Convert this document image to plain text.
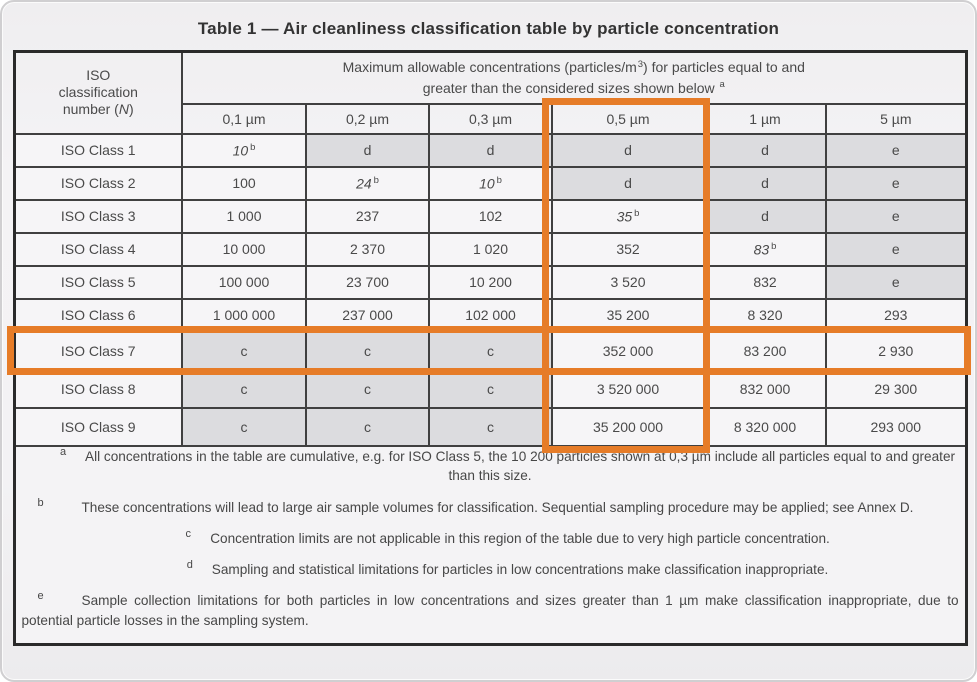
Table 1 — Air cleanliness classification table by particle concentration
ISO
classification
number (N)

Maximum allowable concentrations $(particles/m^3)$ for particles equal to and
greater than the considered sizes shown below $^a$

	0,1 µm	0,2 µm	0,3 µm	0,5 µm	1 µm	5 µm
ISO Class 1	10 $^b$	d	d	d	d	e
ISO Class 2	100	24 $^b$	10 $^b$	d	d	e
ISO Class 3	1 000	237	102	35 $^b$	d	e
ISO Class 4	10 000	2 370	1 020	352	83 $^b$	e
ISO Class 5	100 000	23 700	10 200	3 520	832	e
ISO Class 6	1 000 000	237 000	102 000	35 200	8 320	293
ISO Class 7	c	c	c	352 000	83 200	2 930
ISO Class 8	c	c	c	3 520 000	832 000	29 300
ISO Class 9	c	c	c	35 200 000	8 320 000	293 000

a All concentrations in the table are cumulative, e.g. for ISO Class 5, the 10 200 particles shown at 0,3 µm include all particles equal to and greater than this size.

b These concentrations will lead to large air sample volumes for classification. Sequential sampling procedure may be applied; see Annex D.

c Concentration limits are not applicable in this region of the table due to very high particle concentration.

d Sampling and statistical limitations for particles in low concentrations make classification inappropriate.

e Sample collection limitations for both particles in low concentrations and sizes greater than 1 µm make classification inappropriate, due to potential particle losses in the sampling system.						
